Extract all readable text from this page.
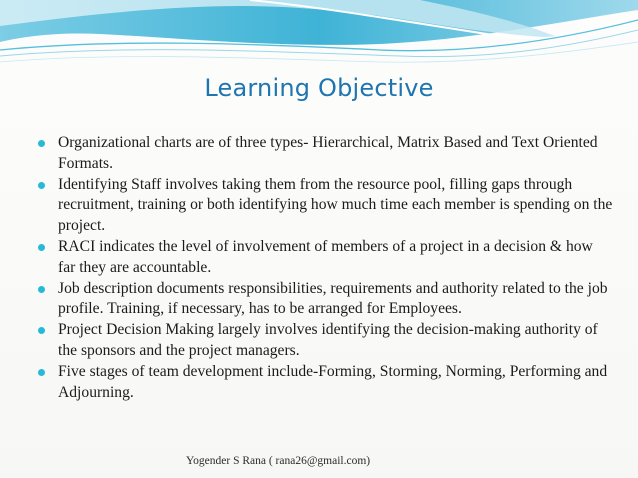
Learning Objective
Organizational charts are of three types- Hierarchical, Matrix Based and Text Oriented Formats.
Identifying Staff involves taking them from the resource pool, filling gaps through recruitment, training or both identifying how much time each member is spending on the project.
RACI indicates the level of involvement of members of a project in a decision & how far they are accountable.
Job description documents responsibilities, requirements and authority related to the job profile. Training, if necessary, has to be arranged for Employees.
Project Decision Making largely involves identifying the decision-making authority of the sponsors and the project managers.
Five stages of team development include-Forming, Storming, Norming, Performing and Adjourning.
Yogender S Rana ( rana26@gmail.com)
